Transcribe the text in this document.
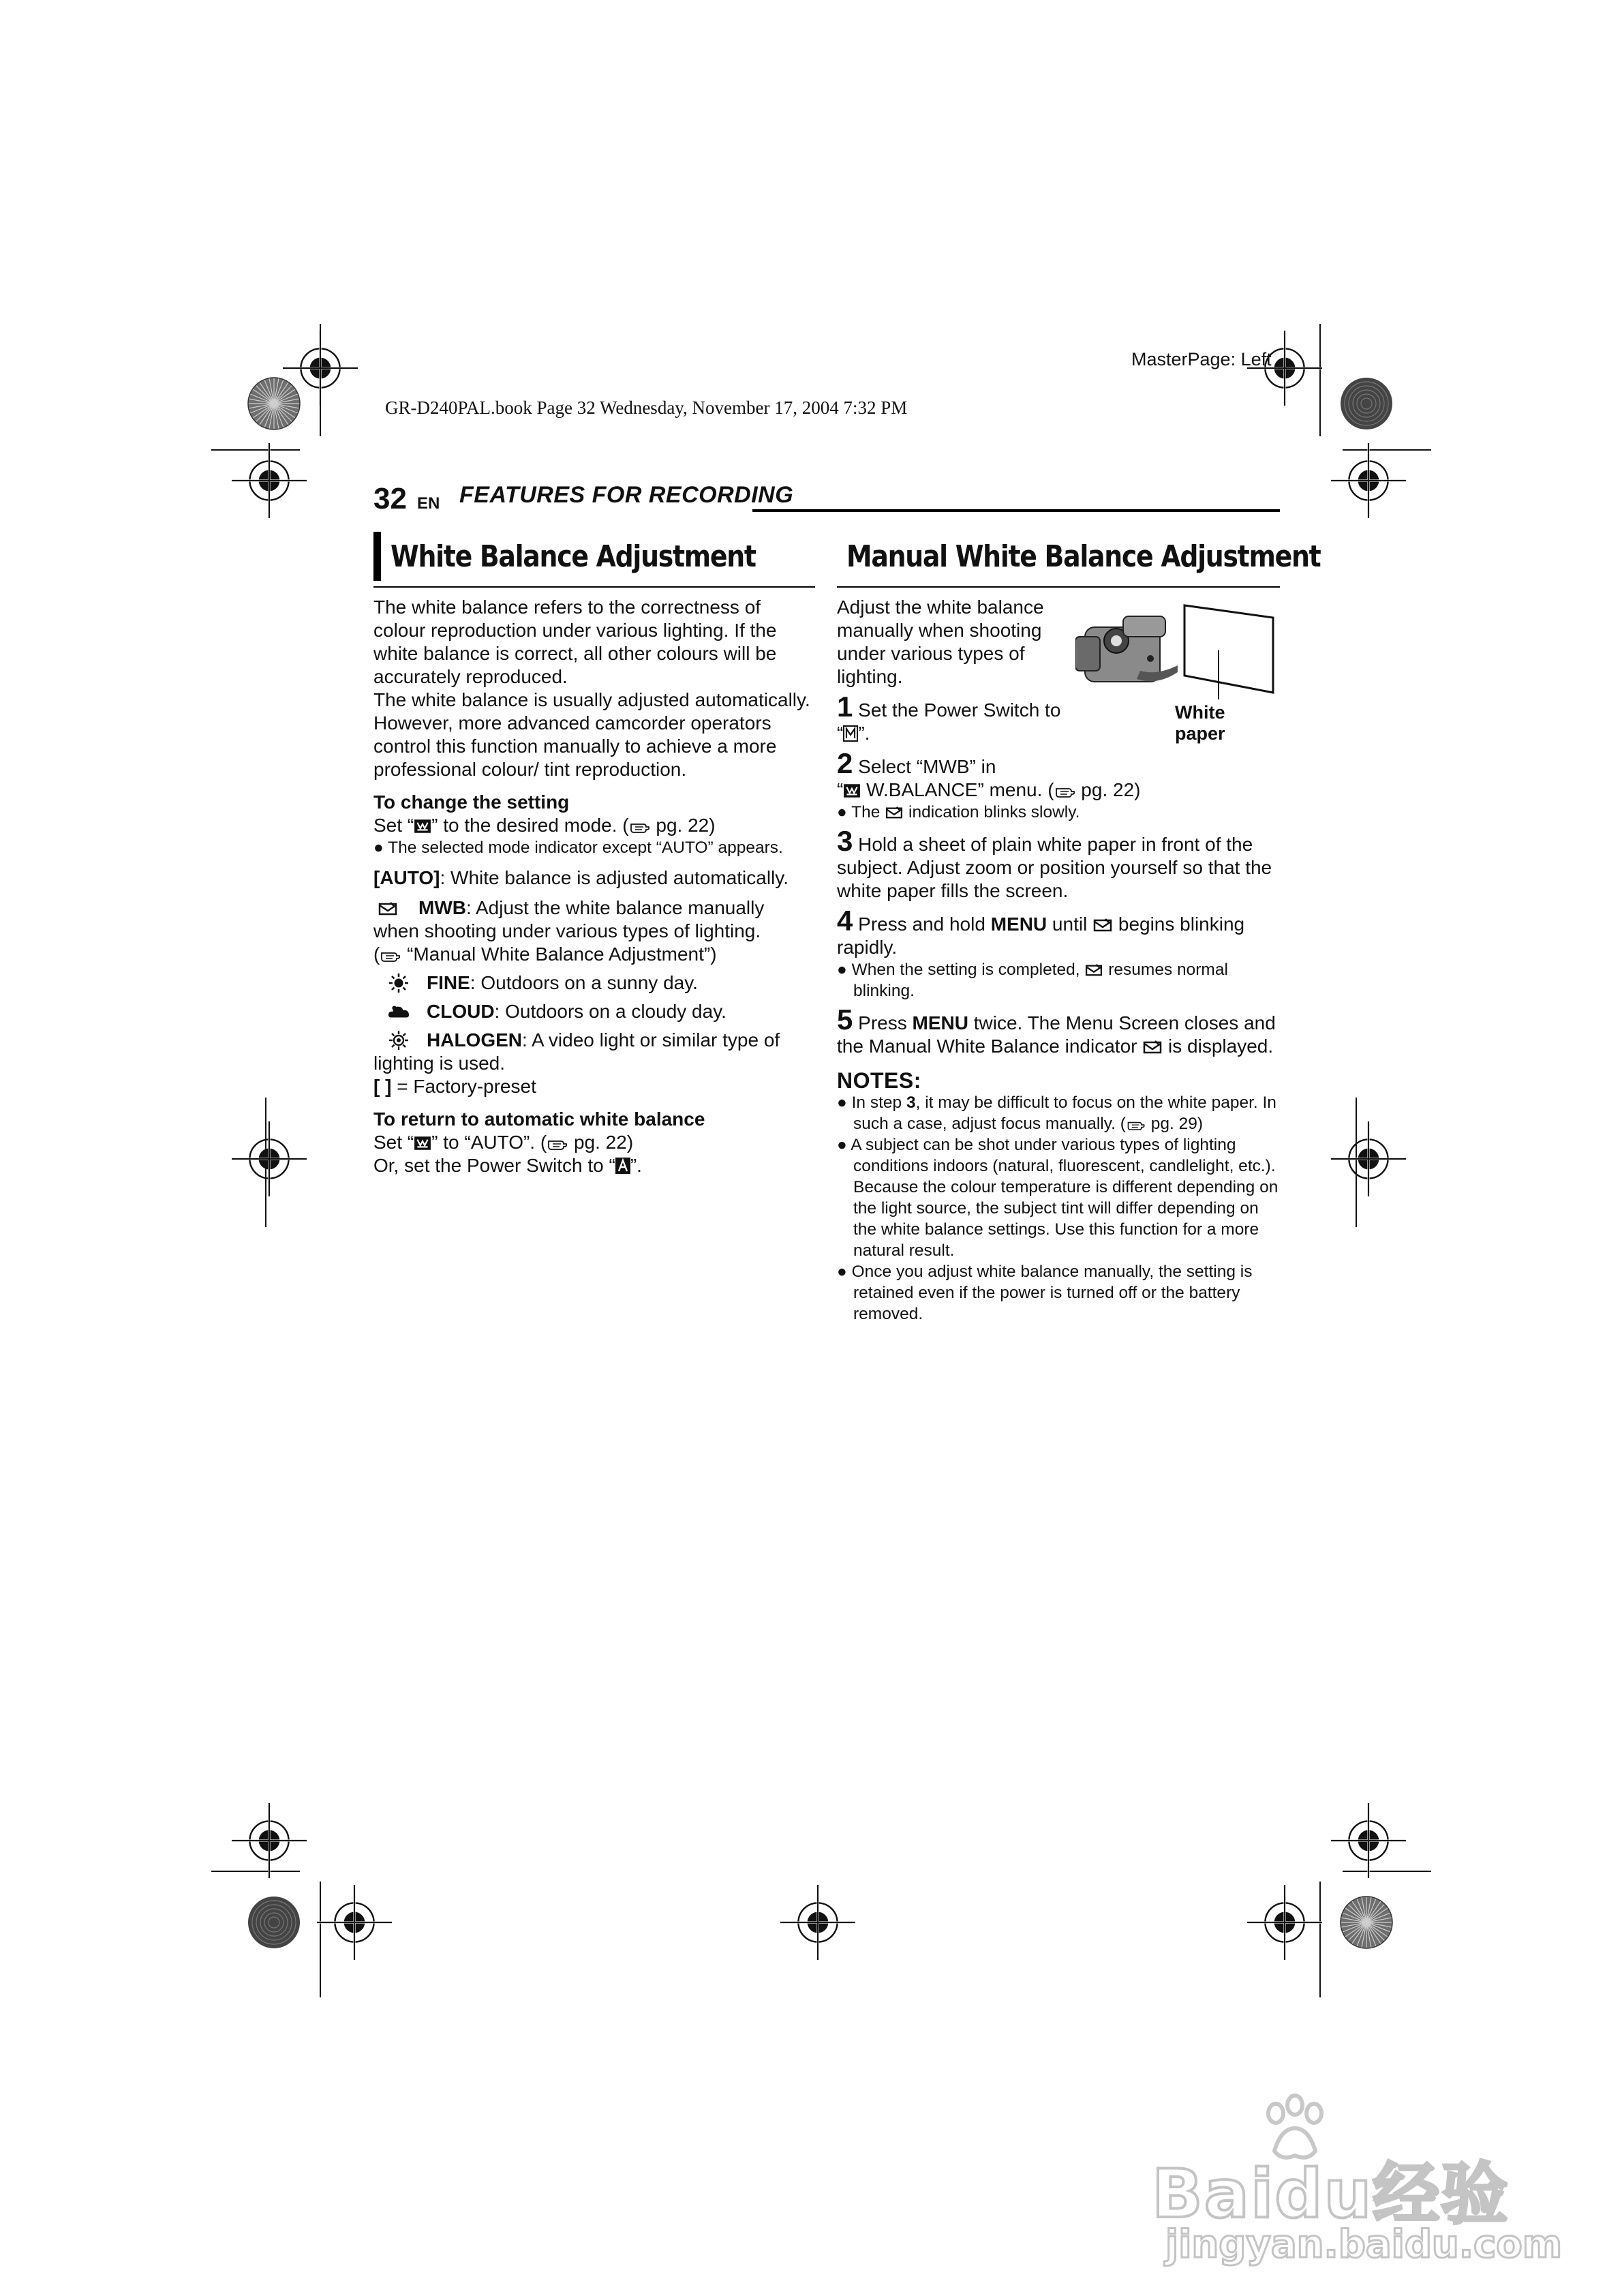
MasterPage: Left
GR-D240PAL.book Page 32 Wednesday, November 17, 2004 7:32 PM
32 EN FEATURES FOR RECORDING
White Balance Adjustment

The white balance refers to the correctness of colour reproduction under various lighting. If the white balance is correct, all other colours will be accurately reproduced.

The white balance is usually adjusted automatically. However, more advanced camcorder operators control this function manually to achieve a more professional colour/ tint reproduction.

To change the setting

Set “ ” to the desired mode. ( pg. 22)

● The selected mode indicator except “AUTO” appears.

[AUTO]: White balance is adjusted automatically.

MWB: Adjust the white balance manually when shooting under various types of lighting.

( “Manual White Balance Adjustment”)

FINE: Outdoors on a sunny day.

CLOUD: Outdoors on a cloudy day.

HALOGEN: A video light or similar type of lighting is used.

[ ] = Factory-preset

To return to automatic white balance

Set “ ” to “AUTO”. ( pg. 22)

Or, set the Power Switch to “ ”.

Manual White Balance Adjustment
White paper

Adjust the white balance manually when shooting under various types of lighting.

1 Set the Power Switch to “ ”.

2 Select “MWB” in

“ W.BALANCE” menu. ( pg. 22)

● The  indication blinks slowly.

3 Hold a sheet of plain white paper in front of the subject. Adjust zoom or position yourself so that the white paper fills the screen.

4 Press and hold MENU until  begins blinking rapidly.

● When the setting is completed,  resumes normal blinking.

5 Press MENU twice. The Menu Screen closes and the Manual White Balance indicator  is displayed.

NOTES:

● In step 3, it may be difficult to focus on the white paper. In such a case, adjust focus manually. ( pg. 29)

● A subject can be shot under various types of lighting conditions indoors (natural, fluorescent, candlelight, etc.). Because the colour temperature is different depending on the light source, the subject tint will differ depending on the white balance settings. Use this function for a more natural result.

● Once you adjust white balance manually, the setting is retained even if the power is turned off or the battery removed.

Baidu经验
jingyan.baidu.com
